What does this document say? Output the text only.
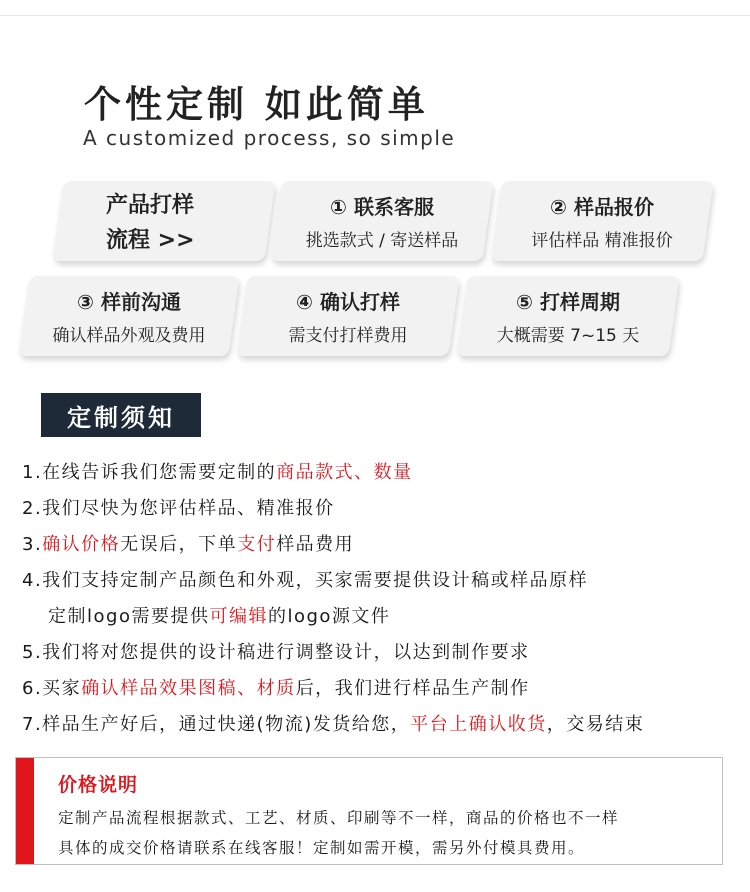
个性定制 如此简单
A customized process, so simple
产品打样
流程 >>
① 联系客服
挑选款式 / 寄送样品
② 样品报价
评估样品 精准报价
③ 样前沟通
确认样品外观及费用
④ 确认打样
需支付打样费用
⑤ 打样周期
大概需要 7~15 天
定制须知
1.在线告诉我们您需要定制的商品款式、数量
2.我们尽快为您评估样品、精准报价
3.确认价格无误后，下单支付样品费用
4.我们支持定制产品颜色和外观，买家需要提供设计稿或样品原样
定制logo需要提供可编辑的logo源文件
5.我们将对您提供的设计稿进行调整设计，以达到制作要求
6.买家确认样品效果图稿、材质后，我们进行样品生产制作
7.样品生产好后，通过快递(物流)发货给您，平台上确认收货，交易结束
价格说明
定制产品流程根据款式、工艺、材质、印刷等不一样，商品的价格也不一样
具体的成交价格请联系在线客服！定制如需开模，需另外付模具费用。
